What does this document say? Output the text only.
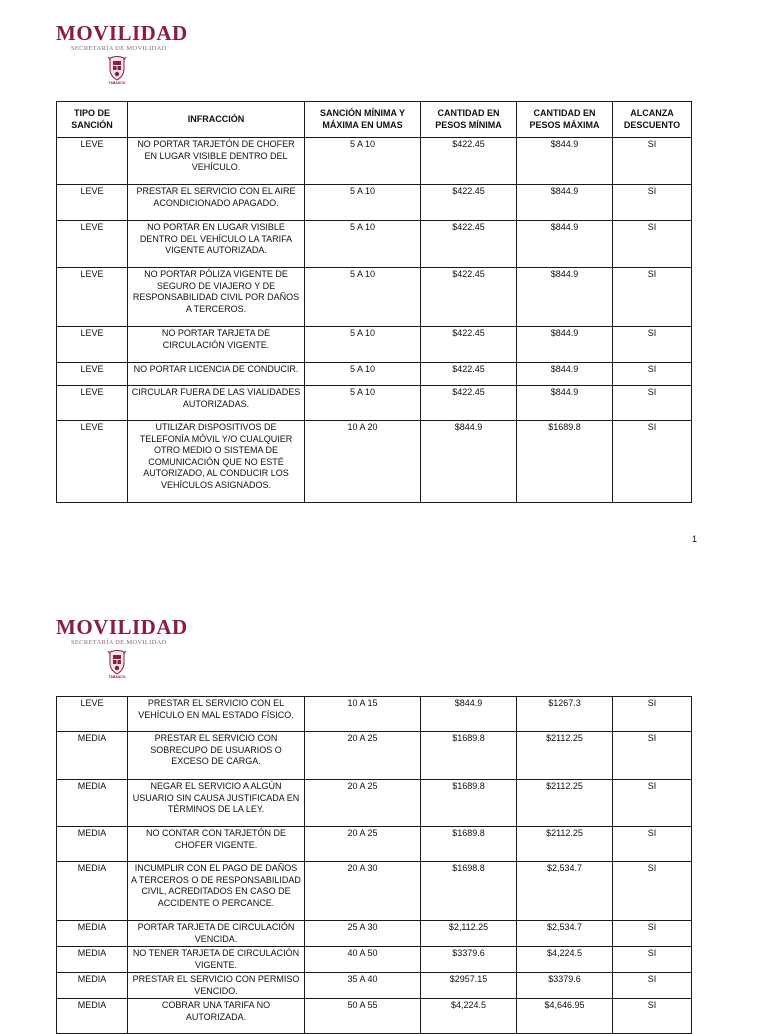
MOVILIDAD
SECRETARÍA DE MOVILIDAD
TABASCO
TIPO DE SANCIÓN	INFRACCIÓN	SANCIÓN MÍNIMA Y MÁXIMA EN UMAS	CANTIDAD EN PESOS MÍNIMA	CANTIDAD EN PESOS MÁXIMA	ALCANZA DESCUENTO
LEVE	NO PORTAR TARJETÓN DE CHOFER EN LUGAR VISIBLE DENTRO DEL VEHÍCULO.	5 A 10	$422.45	$844.9	SI
LEVE	PRESTAR EL SERVICIO CON EL AIRE ACONDICIONADO APAGADO.	5 A 10	$422.45	$844.9	SI
LEVE	NO PORTAR EN LUGAR VISIBLE DENTRO DEL VEHÍCULO LA TARIFA VIGENTE AUTORIZADA.	5 A 10	$422.45	$844.9	SI
LEVE	NO PORTAR PÓLIZA VIGENTE DE SEGURO DE VIAJERO Y DE RESPONSABILIDAD CIVIL POR DAÑOS A TERCEROS.	5 A 10	$422.45	$844.9	SI
LEVE	NO PORTAR TARJETA DE CIRCULACIÓN VIGENTE.	5 A 10	$422.45	$844.9	SI
LEVE	NO PORTAR LICENCIA DE CONDUCIR.	5 A 10	$422.45	$844.9	SI
LEVE	CIRCULAR FUERA DE LAS VIALIDADES AUTORIZADAS.	5 A 10	$422.45	$844.9	SI
LEVE	UTILIZAR DISPOSITIVOS DE TELEFONÍA MÓVIL Y/O CUALQUIER OTRO MEDIO O SISTEMA DE COMUNICACIÓN QUE NO ESTÉ AUTORIZADO, AL CONDUCIR LOS VEHÍCULOS ASIGNADOS.	10 A 20	$844.9	$1689.8	SI
1
MOVILIDAD
SECRETARÍA DE MOVILIDAD
TABASCO
LEVE	PRESTAR EL SERVICIO CON EL VEHÍCULO EN MAL ESTADO FÍSICO.	10 A 15	$844.9	$1267.3	SI
MEDIA	PRESTAR EL SERVICIO CON SOBRECUPO DE USUARIOS O EXCESO DE CARGA.	20 A 25	$1689.8	$2112.25	SI
MEDIA	NEGAR EL SERVICIO A ALGÚN USUARIO SIN CAUSA JUSTIFICADA EN TÉRMINOS DE LA LEY.	20 A 25	$1689.8	$2112.25	SI
MEDIA	NO CONTAR CON TARJETÓN DE CHOFER VIGENTE.	20 A 25	$1689.8	$2112.25	SI
MEDIA	INCUMPLIR CON EL PAGO DE DAÑOS A TERCEROS O DE RESPONSABILIDAD CIVIL, ACREDITADOS EN CASO DE ACCIDENTE O PERCANCE.	20 A 30	$1698.8	$2,534.7	SI
MEDIA	PORTAR TARJETA DE CIRCULACIÓN VENCIDA.	25 A 30	$2,112.25	$2,534.7	SI
MEDIA	NO TENER TARJETA DE CIRCULACIÓN VIGENTE.	40 A 50	$3379.6	$4,224.5	SI
MEDIA	PRESTAR EL SERVICIO CON PERMISO VENCIDO.	35 A 40	$2957.15	$3379.6	SI
MEDIA	COBRAR UNA TARIFA NO AUTORIZADA.	50 A 55	$4,224.5	$4,646.95	SI
